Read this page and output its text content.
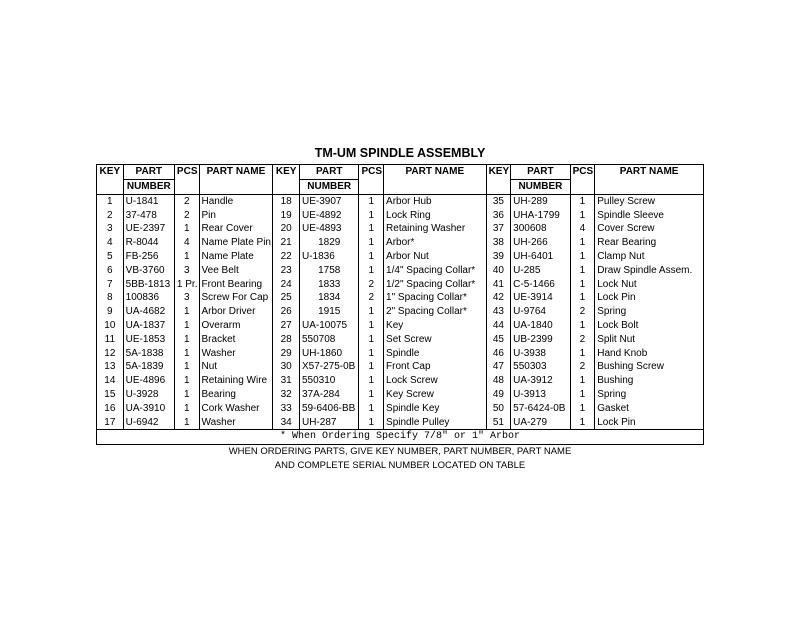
TM-UM SPINDLE ASSEMBLY
KEY	PART	PCS	PART NAME	KEY	PART	PCS	PART NAME	KEY	PART	PCS	PART NAME
	NUMBER				NUMBER				NUMBER		
1	U-1841	2	Handle	18	UE-3907	1	Arbor Hub	35	UH-289	1	Pulley Screw
2	37-478	2	Pin	19	UE-4892	1	Lock Ring	36	UHA-1799	1	Spindle Sleeve
3	UE-2397	1	Rear Cover	20	UE-4893	1	Retaining Washer	37	300608	4	Cover Screw
4	R-8044	4	Name Plate Pin	21	1829	1	Arbor*	38	UH-266	1	Rear Bearing
5	FB-256	1	Name Plate	22	U-1836	1	Arbor Nut	39	UH-6401	1	Clamp Nut
6	VB-3760	3	Vee Belt	23	1758	1	1/4" Spacing Collar*	40	U-285	1	Draw Spindle Assem.
7	5BB-1813	1 Pr.	Front Bearing	24	1833	2	1/2" Spacing Collar*	41	C-5-1466	1	Lock Nut
8	100836	3	Screw For Cap	25	1834	2	1" Spacing Collar*	42	UE-3914	1	Lock Pin
9	UA-4682	1	Arbor Driver	26	1915	1	2" Spacing Collar*	43	U-9764	2	Spring
10	UA-1837	1	Overarm	27	UA-10075	1	Key	44	UA-1840	1	Lock Bolt
11	UE-1853	1	Bracket	28	550708	1	Set Screw	45	UB-2399	2	Split Nut
12	5A-1838	1	Washer	29	UH-1860	1	Spindle	46	U-3938	1	Hand Knob
13	5A-1839	1	Nut	30	X57-275-0B	1	Front Cap	47	550303	2	Bushing Screw
14	UE-4896	1	Retaining Wire	31	550310	1	Lock Screw	48	UA-3912	1	Bushing
15	U-3928	1	Bearing	32	37A-284	1	Key Screw	49	U-3913	1	Spring
16	UA-3910	1	Cork Washer	33	59-6406-BB	1	Spindle Key	50	57-6424-0B	1	Gasket
17	U-6942	1	Washer	34	UH-287	1	Spindle Pulley	51	UA-279	1	Lock Pin
* When Ordering Specify 7/8" or 1" Arbor											
WHEN ORDERING PARTS, GIVE KEY NUMBER, PART NUMBER, PART NAME
AND COMPLETE SERIAL NUMBER LOCATED ON TABLE
